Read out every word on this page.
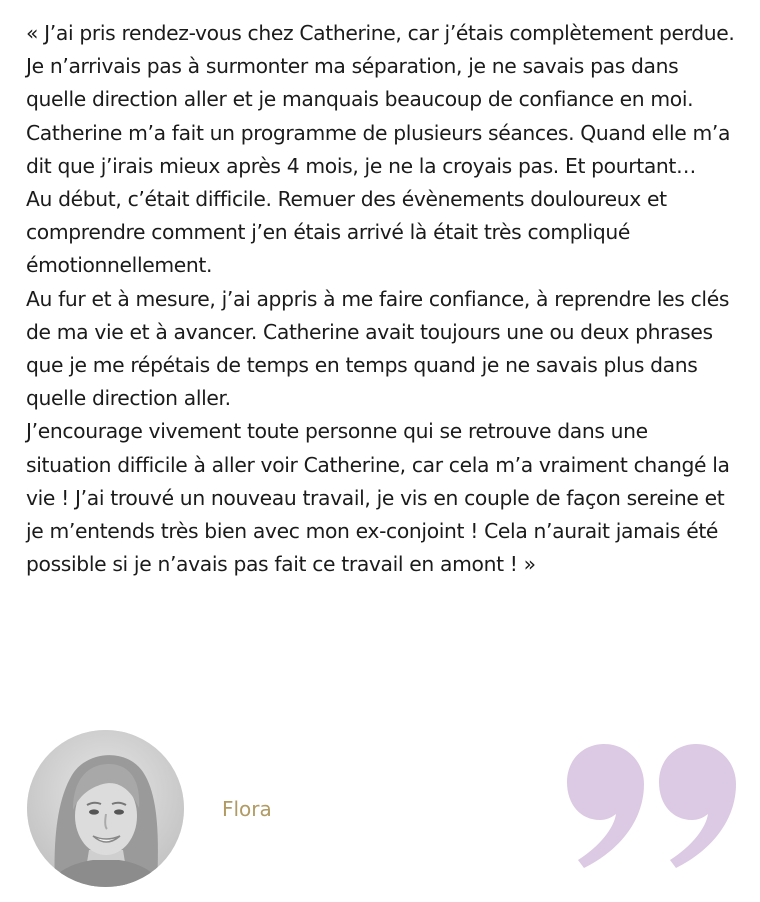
« J’ai pris rendez-vous chez Catherine, car j’étais complètement perdue. Je n’arrivais pas à surmonter ma séparation, je ne savais pas dans quelle direction aller et je manquais beaucoup de confiance en moi.

Catherine m’a fait un programme de plusieurs séances. Quand elle m’a dit que j’irais mieux après 4 mois, je ne la croyais pas. Et pourtant…

Au début, c’était difficile. Remuer des évènements douloureux et comprendre comment j’en étais arrivé là était très compliqué émotionnellement.

Au fur et à mesure, j’ai appris à me faire confiance, à reprendre les clés de ma vie et à avancer. Catherine avait toujours une ou deux phrases que je me répétais de temps en temps quand je ne savais plus dans quelle direction aller.

J’encourage vivement toute personne qui se retrouve dans une situation difficile à aller voir Catherine, car cela m’a vraiment changé la vie ! J’ai trouvé un nouveau travail, je vis en couple de façon sereine et je m’entends très bien avec mon ex-conjoint ! Cela n’aurait jamais été possible si je n’avais pas fait ce travail en amont ! »

Flora
